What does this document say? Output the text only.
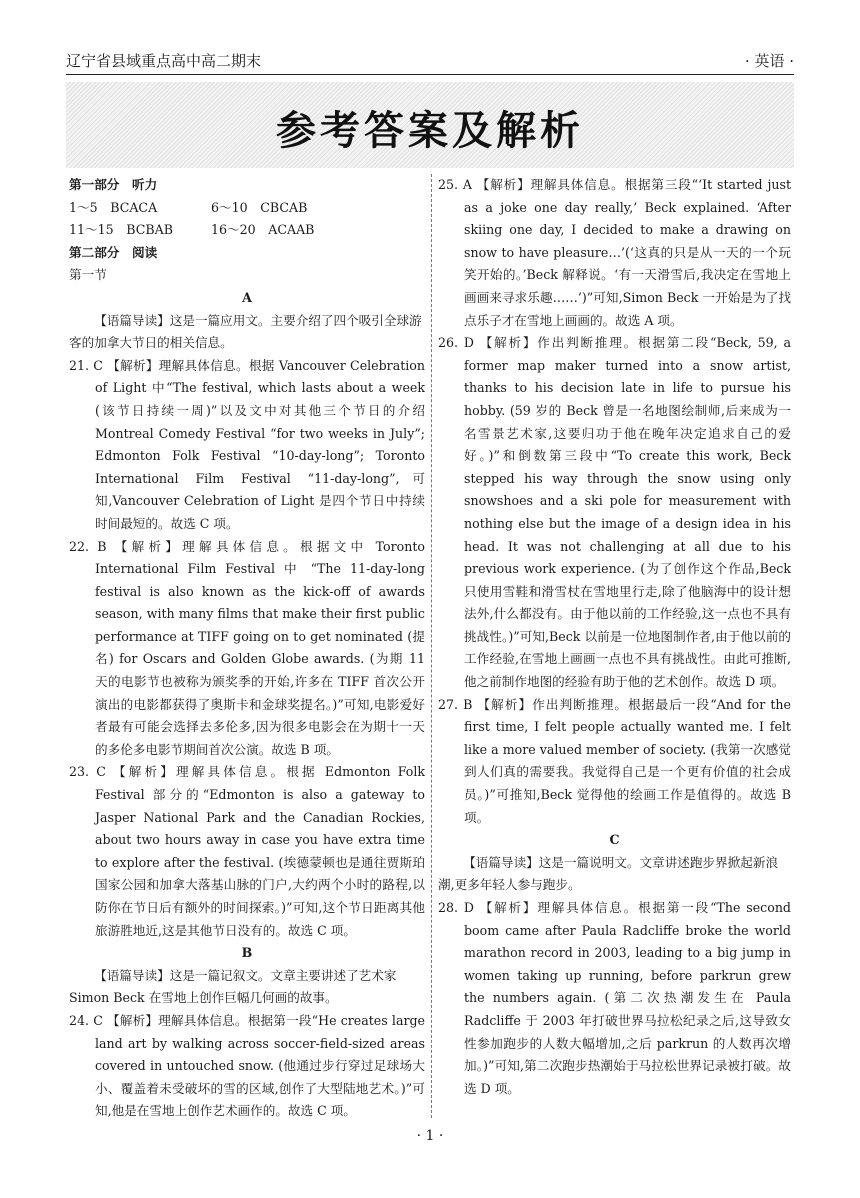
辽宁省县域重点高中高二期末	· 英语 ·
参考答案及解析

第一部分　听力

1～5　BCACA	6～10　CBCAB

11～15　BCBAB	16～20　ACAAB

第二部分　阅读

第一节

A

【语篇导读】这是一篇应用文。主要介绍了四个吸引全球游客的加拿大节日的相关信息。

21. C 【解析】理解具体信息。根据 Vancouver Celebration of Light 中“The festival, which lasts about a week (该节日持续一周)”以及文中对其他三个节日的介绍 Montreal Comedy Festival “for two weeks in July”; Edmonton Folk Festival “10-day-long”; Toronto International Film Festival “11-day-long”,可知,Vancouver Celebration of Light 是四个节日中持续时间最短的。故选 C 项。

22. B 【解析】理解具体信息。根据文中 Toronto International Film Festival 中 “The 11-day-long festival is also known as the kick-off of awards season, with many films that make their first public performance at TIFF going on to get nominated (提名) for Oscars and Golden Globe awards. (为期 11 天的电影节也被称为颁奖季的开始,许多在 TIFF 首次公开演出的电影都获得了奥斯卡和金球奖提名。)”可知,电影爱好者最有可能会选择去多伦多,因为很多电影会在为期十一天的多伦多电影节期间首次公演。故选 B 项。

23. C 【解析】理解具体信息。根据 Edmonton Folk Festival 部分的“Edmonton is also a gateway to Jasper National Park and the Canadian Rockies, about two hours away in case you have extra time to explore after the festival. (埃德蒙顿也是通往贾斯珀国家公园和加拿大落基山脉的门户,大约两个小时的路程,以防你在节日后有额外的时间探索。)”可知,这个节日距离其他旅游胜地近,这是其他节日没有的。故选 C 项。

B

【语篇导读】这是一篇记叙文。文章主要讲述了艺术家 Simon Beck 在雪地上创作巨幅几何画的故事。

24. C 【解析】理解具体信息。根据第一段“He creates large land art by walking across soccer-field-sized areas covered in untouched snow. (他通过步行穿过足球场大小、覆盖着未受破坏的雪的区域,创作了大型陆地艺术。)”可知,他是在雪地上创作艺术画作的。故选 C 项。

25. A 【解析】理解具体信息。根据第三段“‘It started just as a joke one day really,’ Beck explained. ‘After skiing one day, I decided to make a drawing on snow to have pleasure…’(‘这真的只是从一天的一个玩笑开始的。’Beck 解释说。‘有一天滑雪后,我决定在雪地上画画来寻求乐趣……’)”可知,Simon Beck 一开始是为了找点乐子才在雪地上画画的。故选 A 项。

26. D 【解析】作出判断推理。根据第二段“Beck, 59, a former map maker turned into a snow artist, thanks to his decision late in life to pursue his hobby. (59 岁的 Beck 曾是一名地图绘制师,后来成为一名雪景艺术家,这要归功于他在晚年决定追求自己的爱好。)”和倒数第三段中“To create this work, Beck stepped his way through the snow using only snowshoes and a ski pole for measurement with nothing else but the image of a design idea in his head. It was not challenging at all due to his previous work experience. (为了创作这个作品,Beck 只使用雪鞋和滑雪杖在雪地里行走,除了他脑海中的设计想法外,什么都没有。由于他以前的工作经验,这一点也不具有挑战性。)”可知,Beck 以前是一位地图制作者,由于他以前的工作经验,在雪地上画画一点也不具有挑战性。由此可推断,他之前制作地图的经验有助于他的艺术创作。故选 D 项。

27. B 【解析】作出判断推理。根据最后一段“And for the first time, I felt people actually wanted me. I felt like a more valued member of society. (我第一次感觉到人们真的需要我。我觉得自己是一个更有价值的社会成员。)”可推知,Beck 觉得他的绘画工作是值得的。故选 B 项。

C

【语篇导读】这是一篇说明文。文章讲述跑步界掀起新浪潮,更多年轻人参与跑步。

28. D 【解析】理解具体信息。根据第一段“The second boom came after Paula Radcliffe broke the world marathon record in 2003, leading to a big jump in women taking up running, before parkrun grew the numbers again. (第二次热潮发生在 Paula Radcliffe 于 2003 年打破世界马拉松纪录之后,这导致女性参加跑步的人数大幅增加,之后 parkrun 的人数再次增加。)”可知,第二次跑步热潮始于马拉松世界记录被打破。故选 D 项。

· 1 ·
